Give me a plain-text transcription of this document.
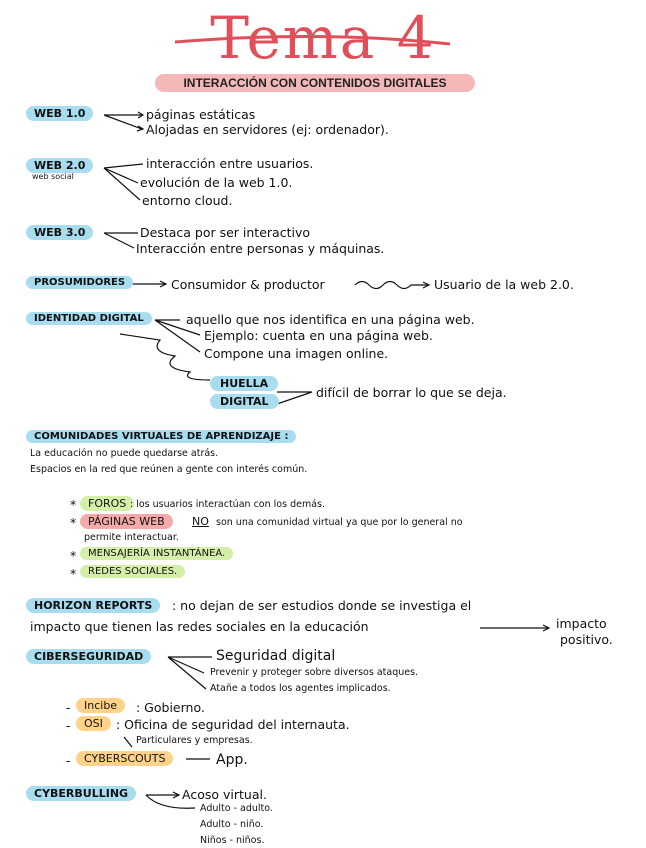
Tema 4
INTERACCIÓN CON CONTENIDOS DIGITALES
WEB 1.0	páginas estáticas
Alojadas en servidores (ej: ordenador).
WEB 2.0
web social
interacción entre usuarios.
evolución de la web 1.0.
entorno cloud.
WEB 3.0	Destaca por ser interactivo
Interacción entre personas y máquinas.
PROSUMIDORES	Consumidor & productor	Usuario de la web 2.0.
IDENTIDAD DIGITAL	aquello que nos identifica en una página web.
Ejemplo: cuenta en una página web.
Compone una imagen online.
HUELLA
DIGITAL
difícil de borrar lo que se deja.
COMUNIDADES VIRTUALES DE APRENDIZAJE :
La educación no puede quedarse atrás.
Espacios en la red que reúnen a gente con interés común.
*	FOROS : los usuarios interactúan con los demás.
*	PÁGINAS WEB	NO son una comunidad virtual ya que por lo general no
permite interactuar.
*	MENSAJERÍA INSTANTÁNEA.
*	REDES SOCIALES.
HORIZON REPORTS	: no dejan de ser estudios donde se investiga el
impacto que tienen las redes sociales en la educación	impacto
positivo.
CIBERSEGURIDAD	Seguridad digital
Prevenir y proteger sobre diversos ataques.
Atañe a todos los agentes implicados.
-	Incibe	: Gobierno.
-	OSI	: Oficina de seguridad del internauta.
Particulares y empresas.
-	CYBERSCOUTS	App.
CYBERBULLING	Acoso virtual.
Adulto - adulto.
Adulto - niño.
Niños - niños.
